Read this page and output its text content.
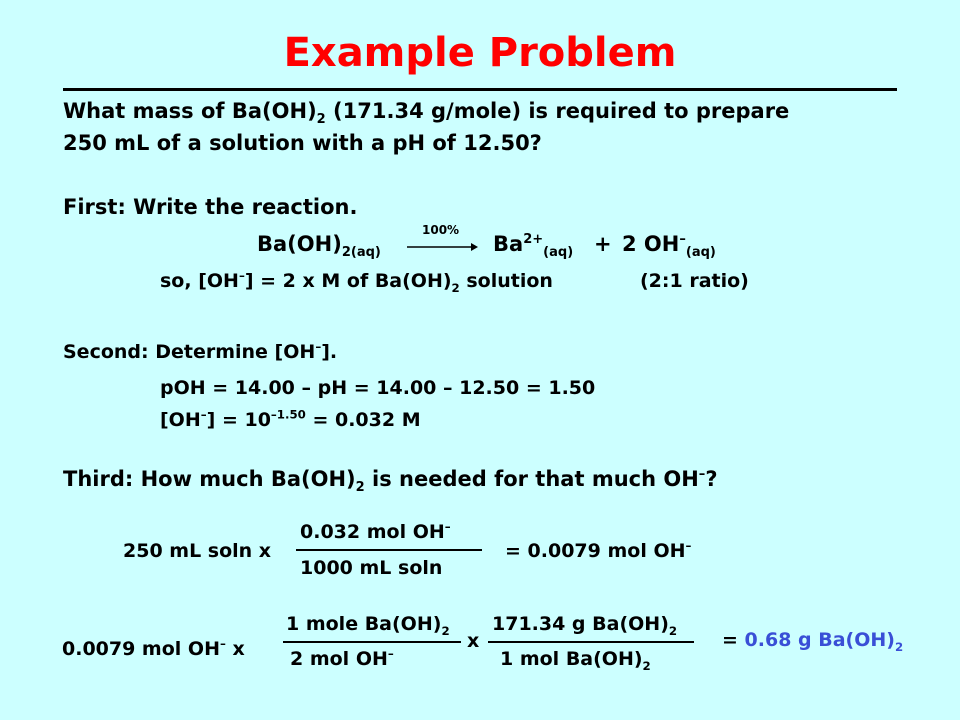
Example Problem
What mass of $Ba(OH)_2$ (171.34 g/mole) is required to prepare
250 mL of a solution with a pH of 12.50?
First: Write the reaction.
100%
$Ba(OH)_{2(aq)}$	$Ba^{2+}_{(aq)} + 2$ $OH^-_{(aq)}$
so, [OH–] = 2 x M of $Ba(OH)_2$ solution	(2:1 ratio)
Second: Determine [OH–].
pOH = 14.00 – pH = 14.00 – 12.50 = 1.50
$[OH^-] = 10^{-1.50} = 0.032$ M
Third: How much $Ba(OH)_2$ is needed for that much OH–?
250 mL soln x
0.032 mol OH–
1000 mL soln
= 0.0079 mol OH–
0.0079 mol OH– x
1 mole $Ba(OH)_2$
2 mol OH–
x
171.34 g $Ba(OH)_2$
1 mol $Ba(OH)_2$
= 0.68 g $Ba(OH)_2$
